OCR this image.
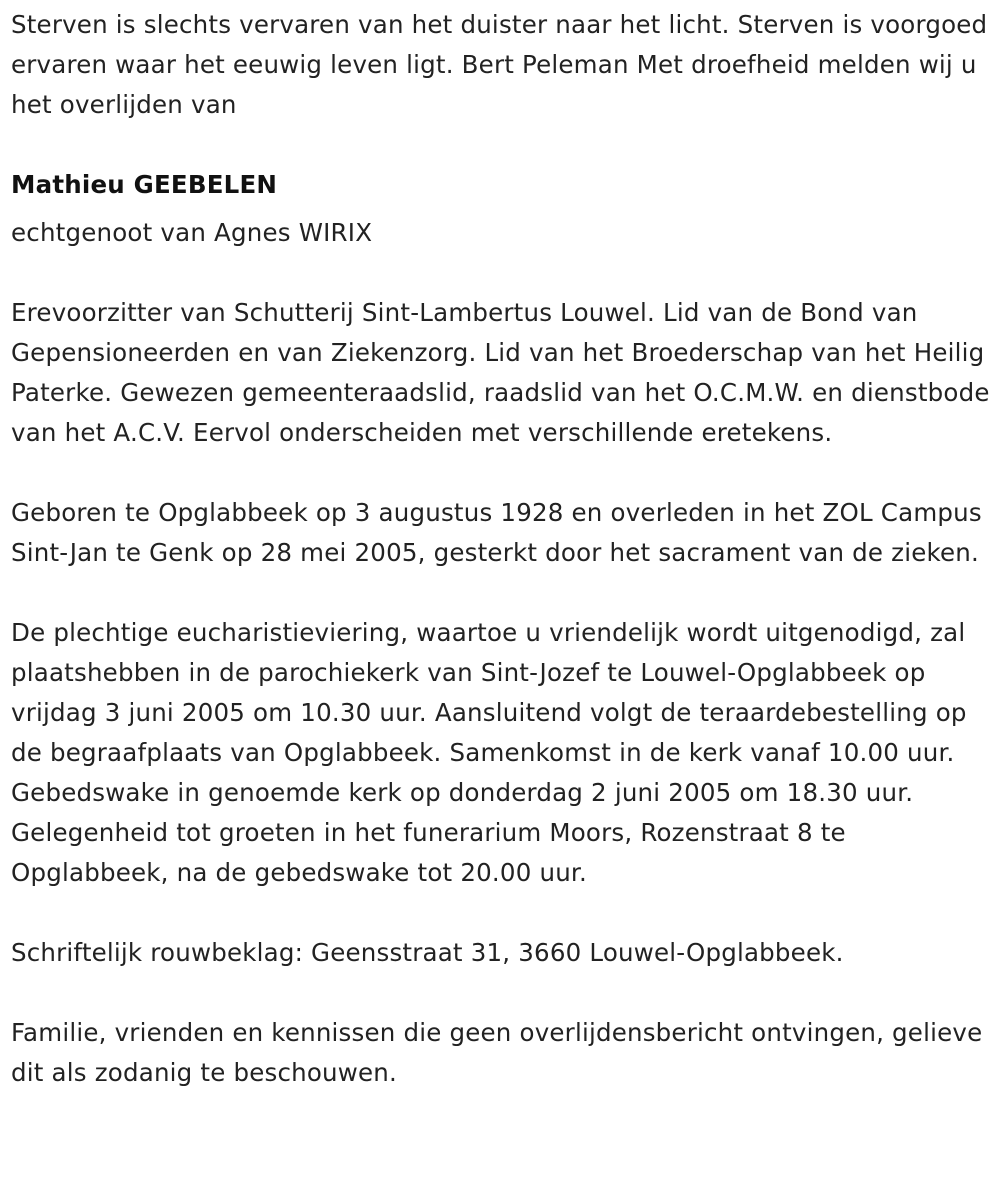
Sterven is slechts vervaren van het duister naar het licht. Sterven is voorgoed ervaren waar het eeuwig leven ligt. Bert Peleman Met droefheid melden wij u het overlijden van

Mathieu GEEBELEN

echtgenoot van Agnes WIRIX

Erevoorzitter van Schutterij Sint-Lambertus Louwel. Lid van de Bond van Gepensioneerden en van Ziekenzorg. Lid van het Broederschap van het Heilig Paterke. Gewezen gemeenteraadslid, raadslid van het O.C.M.W. en dienstbode van het A.C.V. Eervol onderscheiden met verschillende eretekens.

Geboren te Opglabbeek op 3 augustus 1928 en overleden in het ZOL Campus Sint-Jan te Genk op 28 mei 2005, gesterkt door het sacrament van de zieken.

De plechtige eucharistieviering, waartoe u vriendelijk wordt uitgenodigd, zal plaatshebben in de parochiekerk van Sint-Jozef te Louwel-Opglabbeek op vrijdag 3 juni 2005 om 10.30 uur. Aansluitend volgt de teraardebestelling op de begraafplaats van Opglabbeek. Samenkomst in de kerk vanaf 10.00 uur. Gebedswake in genoemde kerk op donderdag 2 juni 2005 om 18.30 uur. Gelegenheid tot groeten in het funerarium Moors, Rozenstraat 8 te Opglabbeek, na de gebedswake tot 20.00 uur.

Schriftelijk rouwbeklag: Geensstraat 31, 3660 Louwel-Opglabbeek.

Familie, vrienden en kennissen die geen overlijdensbericht ontvingen, gelieve dit als zodanig te beschouwen.
